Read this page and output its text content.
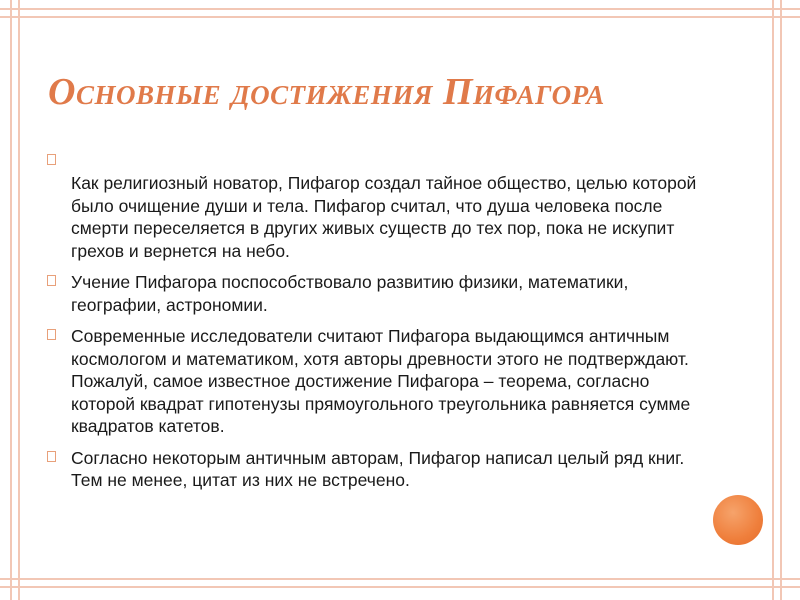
Основные достижения Пифагора
Как религиозный новатор, Пифагор создал тайное общество, целью которой было очищение души и тела. Пифагор считал, что душа человека после смерти переселяется в других живых существ до тех пор, пока не искупит грехов и вернется на небо.
Учение Пифагора поспособствовало развитию физики, математики, географии, астрономии.
Современные исследователи считают Пифагора выдающимся античным космологом и математиком, хотя авторы древности этого не подтверждают. Пожалуй, самое известное достижение Пифагора – теорема, согласно которой квадрат гипотенузы прямоугольного треугольника равняется сумме квадратов катетов.
Согласно некоторым античным авторам, Пифагор написал целый ряд книг. Тем не менее, цитат из них не встречено.
